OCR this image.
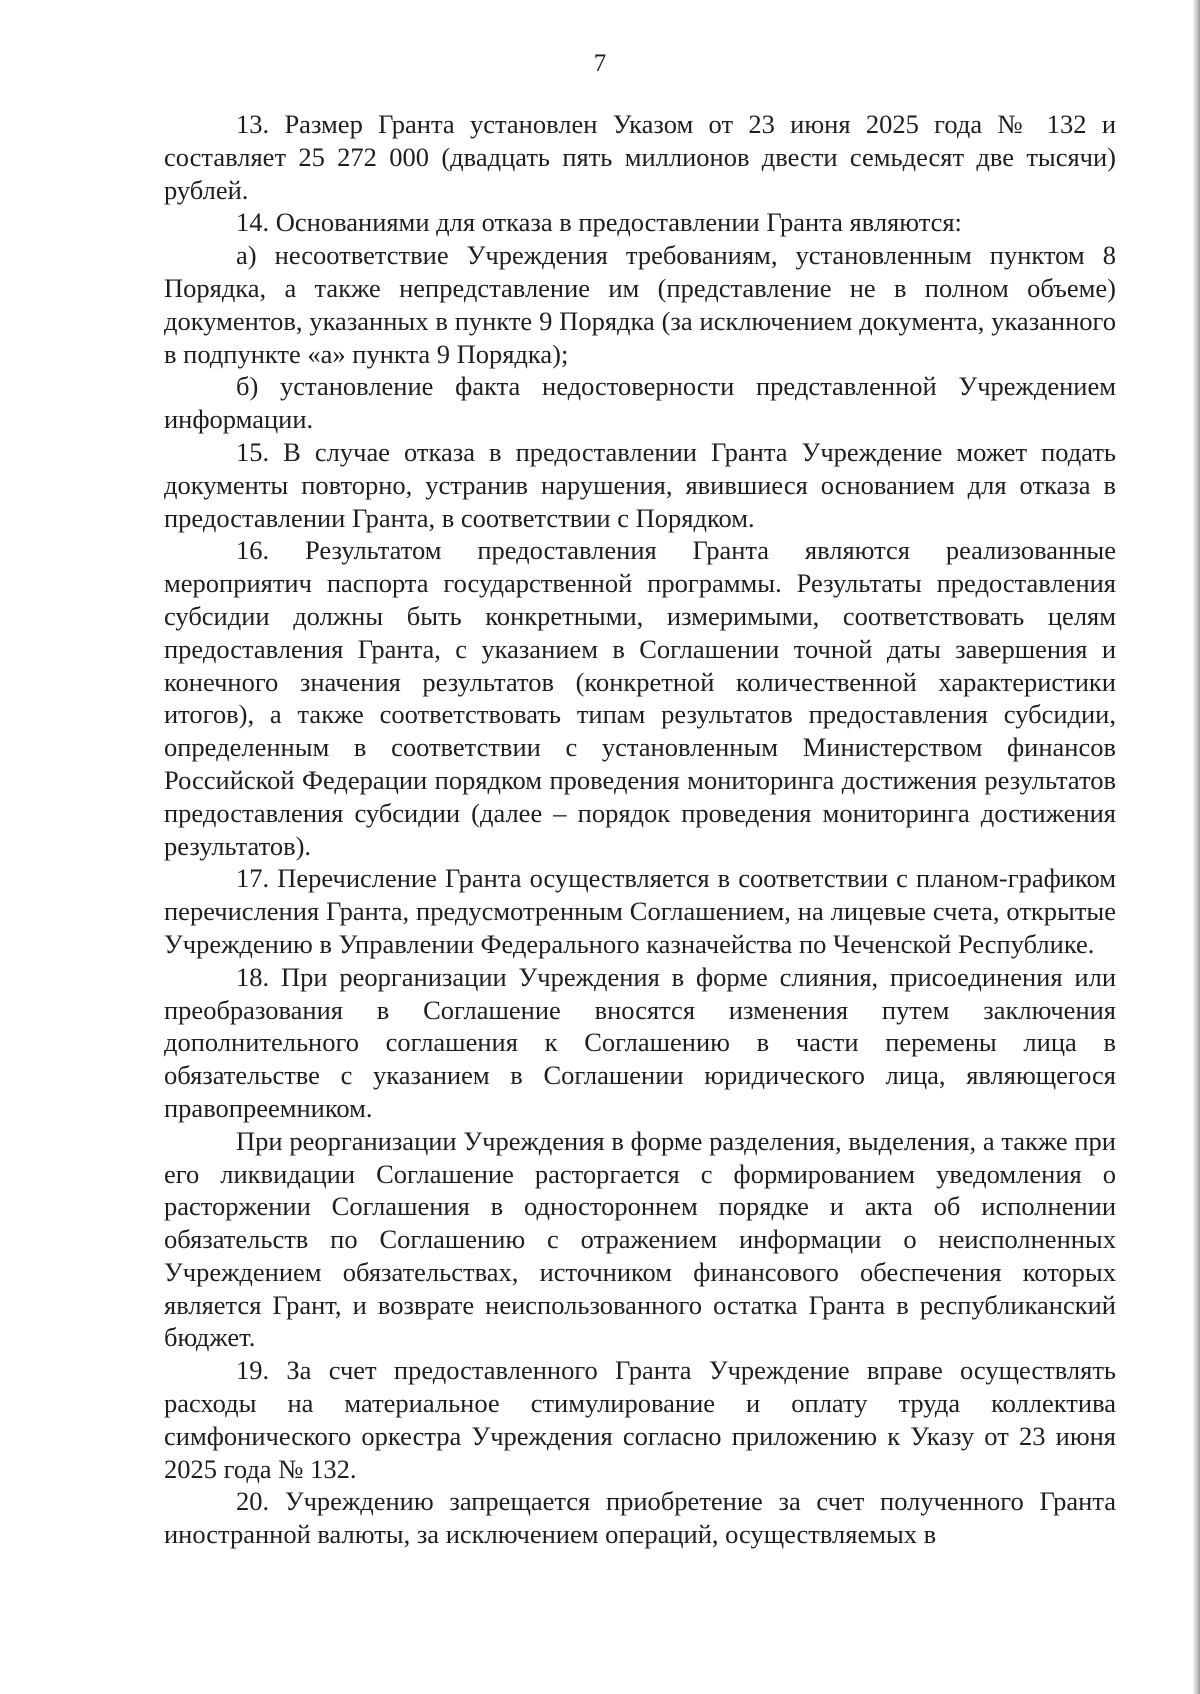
7

13. Размер Гранта установлен Указом от 23 июня 2025 года № 132 и составляет 25 272 000 (двадцать пять миллионов двести семьдесят две тысячи) рублей.

14. Основаниями для отказа в предоставлении Гранта являются:

а) несоответствие Учреждения требованиям, установленным пунктом 8 Порядка, а также непредставление им (представление не в полном объеме) документов, указанных в пункте 9 Порядка (за исключением документа, указанного в подпункте «а» пункта 9 Порядка);

б) установление факта недостоверности представленной Учреждением информации.

15. В случае отказа в предоставлении Гранта Учреждение может подать документы повторно, устранив нарушения, явившиеся основанием для отказа в предоставлении Гранта, в соответствии с Порядком.

16. Результатом предоставления Гранта являются реализованные мероприятич паспорта государственной программы. Результаты предоставления субсидии должны быть конкретными, измеримыми, соответствовать целям предоставления Гранта, с указанием в Соглашении точной даты завершения и конечного значения результатов (конкретной количественной характеристики итогов), а также соответствовать типам результатов предоставления субсидии, определенным в соответствии с установленным Министерством финансов Российской Федерации порядком проведения мониторинга достижения результатов предоставления субсидии (далее – порядок проведения мониторинга достижения результатов).

17. Перечисление Гранта осуществляется в соответствии с планом-графиком перечисления Гранта, предусмотренным Соглашением, на лицевые счета, открытые Учреждению в Управлении Федерального казначейства по Чеченской Республике.

18. При реорганизации Учреждения в форме слияния, присоединения или преобразования в Соглашение вносятся изменения путем заключения дополнительного соглашения к Соглашению в части перемены лица в обязательстве с указанием в Соглашении юридического лица, являющегося правопреемником.

При реорганизации Учреждения в форме разделения, выделения, а также при его ликвидации Соглашение расторгается с формированием уведомления о расторжении Соглашения в одностороннем порядке и акта об исполнении обязательств по Соглашению с отражением информации о неисполненных Учреждением обязательствах, источником финансового обеспечения которых является Грант, и возврате неиспользованного остатка Гранта в республиканский бюджет.

19. За счет предоставленного Гранта Учреждение вправе осуществлять расходы на материальное стимулирование и оплату труда коллектива симфонического оркестра Учреждения согласно приложению к Указу от 23 июня 2025 года № 132.

20. Учреждению запрещается приобретение за счет полученного Гранта иностранной валюты, за исключением операций, осуществляемых в
